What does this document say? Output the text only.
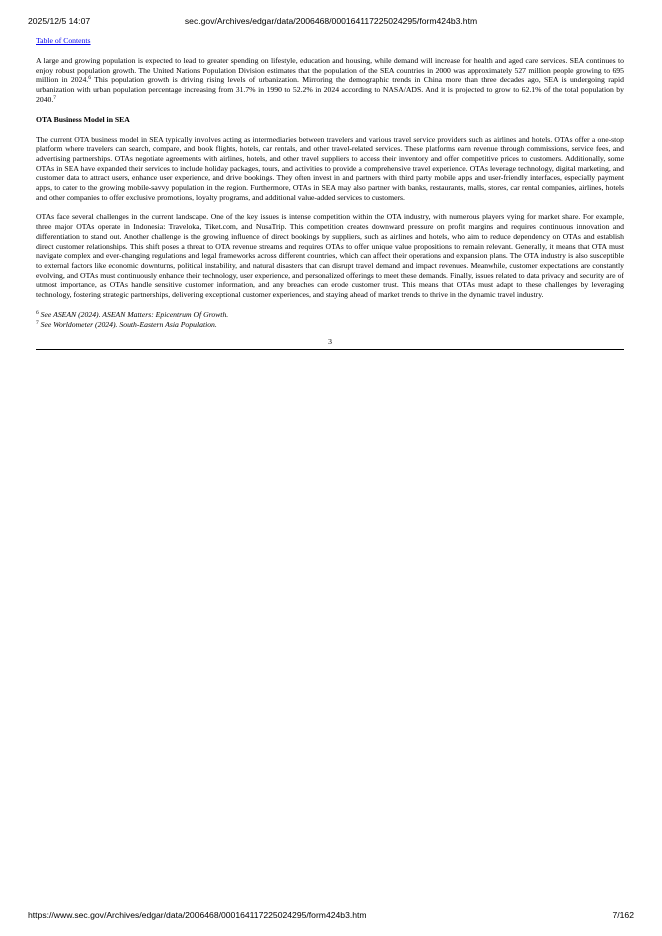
2025/12/5 14:07	sec.gov/Archives/edgar/data/2006468/000164117225024295/form424b3.htm
Table of Contents

A large and growing population is expected to lead to greater spending on lifestyle, education and housing, while demand will increase for health and aged care services. SEA continues to enjoy robust population growth. The United Nations Population Division estimates that the population of the SEA countries in 2000 was approximately 527 million people growing to 695 million in 2024.$^6$ This population growth is driving rising levels of urbanization. Mirroring the demographic trends in China more than three decades ago, SEA is undergoing rapid urbanization with urban population percentage increasing from 31.7% in 1990 to 52.2% in 2024 according to NASA/ADS. And it is projected to grow to 62.1% of the total population by 2040.$^7$

OTA Business Model in SEA

The current OTA business model in SEA typically involves acting as intermediaries between travelers and various travel service providers such as airlines and hotels. OTAs offer a one-stop platform where travelers can search, compare, and book flights, hotels, car rentals, and other travel-related services. These platforms earn revenue through commissions, service fees, and advertising partnerships. OTAs negotiate agreements with airlines, hotels, and other travel suppliers to access their inventory and offer competitive prices to customers. Additionally, some OTAs in SEA have expanded their services to include holiday packages, tours, and activities to provide a comprehensive travel experience. OTAs leverage technology, digital marketing, and customer data to attract users, enhance user experience, and drive bookings. They often invest in and partners with third party mobile apps and user-friendly interfaces, especially payment apps, to cater to the growing mobile-savvy population in the region. Furthermore, OTAs in SEA may also partner with banks, restaurants, malls, stores, car rental companies, airlines, hotels and other companies to offer exclusive promotions, loyalty programs, and additional value-added services to customers.

OTAs face several challenges in the current landscape. One of the key issues is intense competition within the OTA industry, with numerous players vying for market share. For example, three major OTAs operate in Indonesia: Traveloka, Tiket.com, and NusaTrip. This competition creates downward pressure on profit margins and requires continuous innovation and differentiation to stand out. Another challenge is the growing influence of direct bookings by suppliers, such as airlines and hotels, who aim to reduce dependency on OTAs and establish direct customer relationships. This shift poses a threat to OTA revenue streams and requires OTAs to offer unique value propositions to remain relevant. Generally, it means that OTA must navigate complex and ever-changing regulations and legal frameworks across different countries, which can affect their operations and expansion plans. The OTA industry is also susceptible to external factors like economic downturns, political instability, and natural disasters that can disrupt travel demand and impact revenues. Meanwhile, customer expectations are constantly evolving, and OTAs must continuously enhance their technology, user experience, and personalized offerings to meet these demands. Finally, issues related to data privacy and security are of utmost importance, as OTAs handle sensitive customer information, and any breaches can erode customer trust. This means that OTAs must adapt to these challenges by leveraging technology, fostering strategic partnerships, delivering exceptional customer experiences, and staying ahead of market trends to thrive in the dynamic travel industry.

$^6$ See ASEAN (2024). ASEAN Matters: Epicentrum Of Growth.
$^7$ See Worldometer (2024). South-Eastern Asia Population.
3
https://www.sec.gov/Archives/edgar/data/2006468/000164117225024295/form424b3.htm	7/162
